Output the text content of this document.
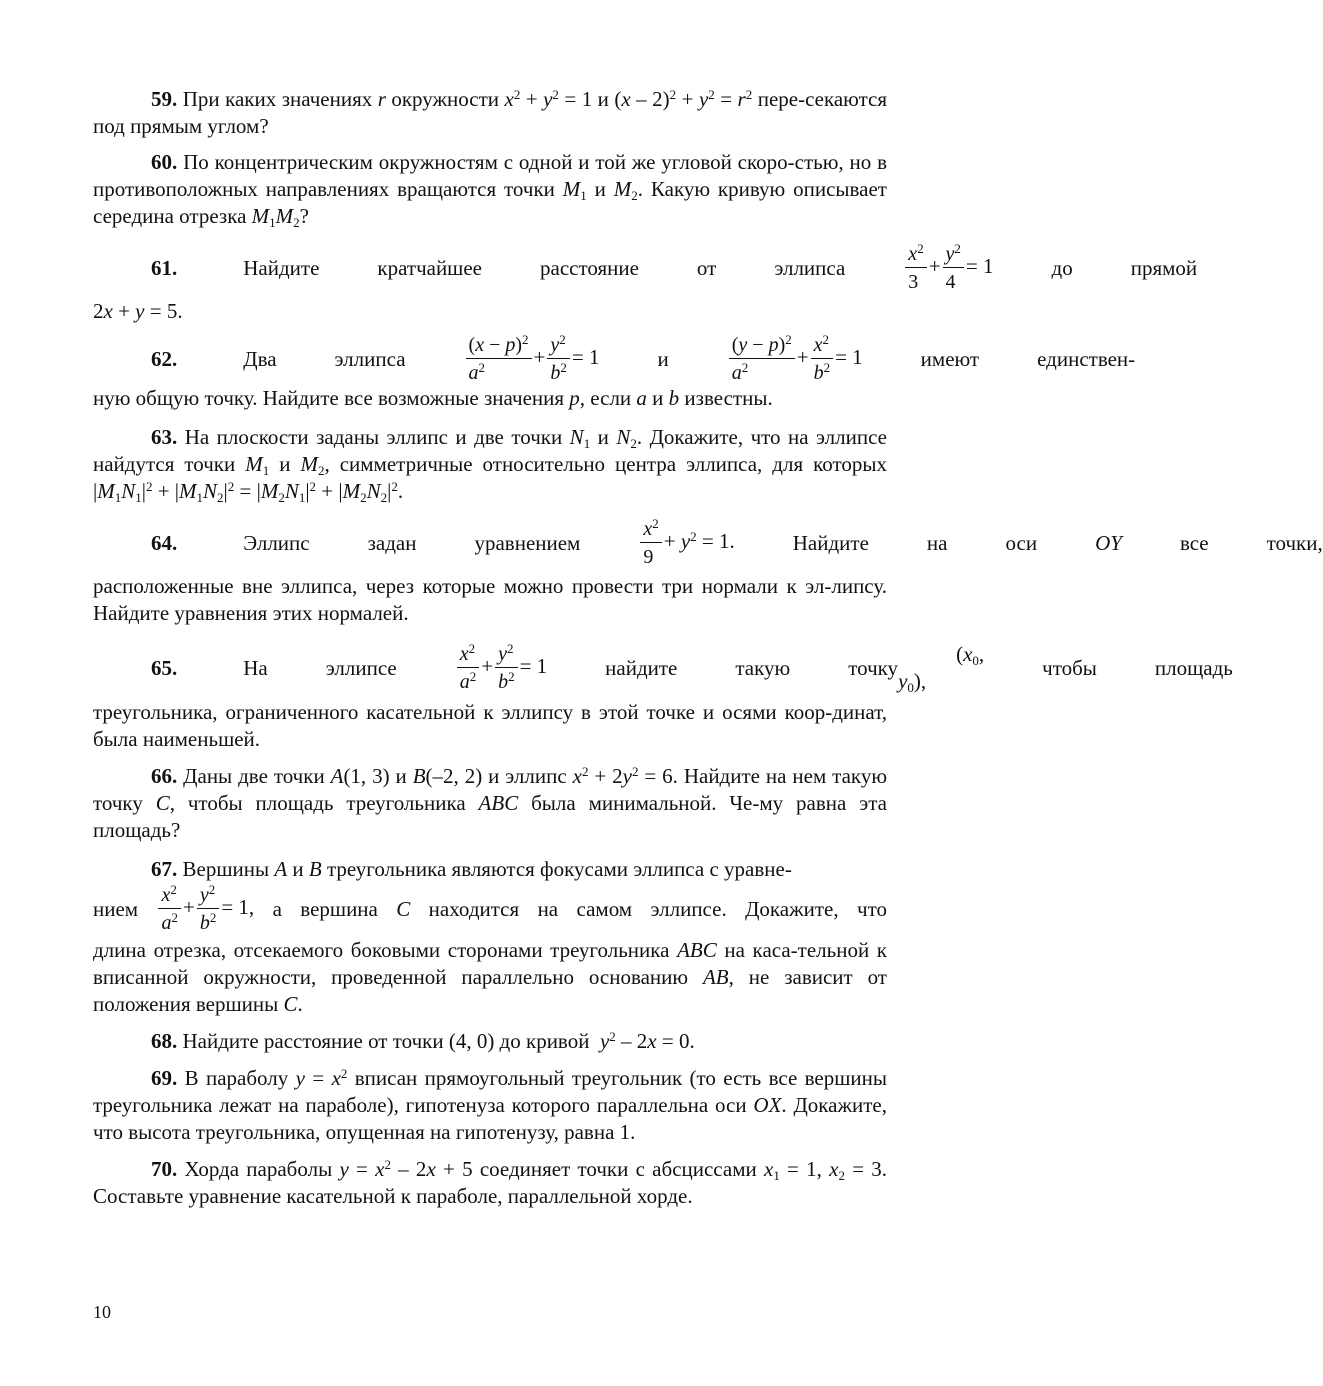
59. При каких значениях r окружности $x^2 + y^2 = 1$ и $(x - 2)^2 + y^2 = r^2$ пере-секаются под прямым углом?

60. По концентрическим окружностям с одной и той же угловой скоро-стью, но в противоположных направлениях вращаются точки $M_1$ и $M_2$. Какую кривую описывает середина отрезка $M_1M_2$?

61.	Найдите	кратчайшее	расстояние	от	эллипса	$\frac{x^2}{3} + \frac{y^2}{4} = 1$	до	прямой
2x + y = 5.
62.	Два	эллипса	$\frac{(x - p)^2}{a^2} + \frac{y^2}{b^2} = 1$	и	$\frac{(y - p)^2}{a^2} + \frac{x^2}{b^2} = 1$	имеют	единствен-
ную общую точку. Найдите все возможные значения p, если a и b известны.

63. На плоскости заданы эллипс и две точки $N_1$ и $N_2$. Докажите, что на эллипсе найдутся точки $M_1$ и $M_2$, симметричные относительно центра эллипса, для которых $|M_1N_1|^2 + |M_1N_2|^2 = |M_2N_1|^2 + |M_2N_2|^2$.

64.	Эллипс	задан	уравнением	$\frac{x^2}{9} + y^2 = 1$.	Найдите	на	оси	OY	все	точки,
расположенные вне эллипса, через которые можно провести три нормали к эл-липсу. Найдите уравнения этих нормалей.
65.	На	эллипсе	$\frac{x^2}{a^2} + \frac{y^2}{b^2} = 1$	найдите	такую	точку
($x_0$, $y_0$),
чтобы	площадь
треугольника, ограниченного касательной к эллипсу в этой точке и осями коор-динат, была наименьшей.

66. Даны две точки A(1, 3) и B(–2, 2) и эллипс $x^2 + 2y^2 = 6$. Найдите на нем такую точку C, чтобы площадь треугольника ABC была минимальной. Че-му равна эта площадь?

67. Вершины A и B треугольника являются фокусами эллипса с уравне-
нием $\frac{x^2}{a^2} + \frac{y^2}{b^2} = 1$, а вершина C находится на самом эллипсе. Докажите, что
длина отрезка, отсекаемого боковыми сторонами треугольника ABC на каса-тельной к вписанной окружности, проведенной параллельно основанию AB, не зависит от положения вершины C.

68. Найдите расстояние от точки (4, 0) до кривой  $y^2 - 2x = 0$.

69. В параболу $y = x^2$ вписан прямоугольный треугольник (то есть все вершины треугольника лежат на параболе), гипотенуза которого параллельна оси OX. Докажите, что высота треугольника, опущенная на гипотенузу, равна 1.

70. Хорда параболы $y = x^2 - 2x + 5$ соединяет точки с абсциссами $x_1 = 1$, $x_2 = 3$. Составьте уравнение касательной к параболе, параллельной хорде.

10
